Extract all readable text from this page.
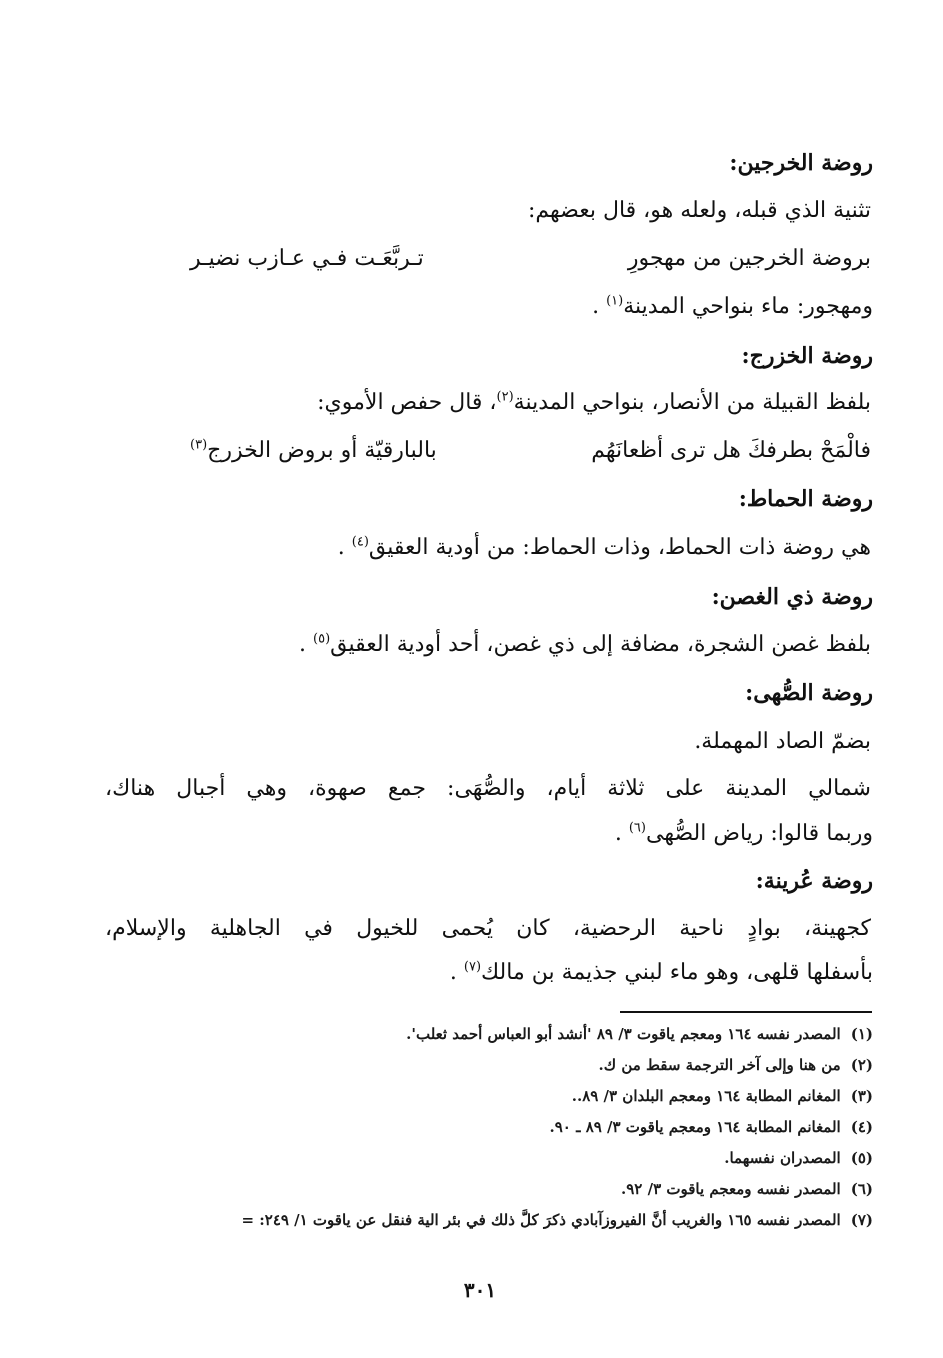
روضة الخرجين:
تثنية الذي قبله، ولعله هو، قال بعضهم:
بروضة الخرجين من مهجورِ
تـربَّعَـت فـي عـازب نضيـر
ومهجور: ماء بنواحي المدينة$^{(١)}$ .
روضة الخزرج:
بلفظ القبيلة من الأنصار، بنواحي المدينة$^{(٢)}$، قال حفص الأموي:
فالْمَحْ بطرفكَ هل ترى أظعانَهُم
بالبارقيّة أو بروض الخزرج$^{(٣)}$
روضة الحماط:
هي روضة ذات الحماط، وذات الحماط: من أودية العقيق$^{(٤)}$ .
روضة ذي الغصن:
بلفظ غصن الشجرة، مضافة إلى ذي غصن، أحد أودية العقيق$^{(٥)}$ .
روضة الصُّهى:
بضمّ الصاد المهملة.
شمالي المدينة على ثلاثة أيام، والصُّهَى: جمع صهوة، وهي أجبال هناك،
وربما قالوا: رياض الصُّهى$^{(٦)}$ .
روضة عُرينة:
كجهينة، بوادٍ ناحية الرحضية، كان يُحمى للخيول في الجاهلية والإسلام،
بأسفلها قلهى، وهو ماء لبني جذيمة بن مالك$^{(٧)}$ .
(١)
المصدر نفسه ١٦٤ ومعجم ياقوت ٣/ ٨٩ 'أنشد أبو العباس أحمد ثعلب'.
(٢)
من هنا وإلى آخر الترجمة سقط من ك.
(٣)
المغانم المطابة ١٦٤ ومعجم البلدان ٣/ ٨٩..
(٤)
المغانم المطابة ١٦٤ ومعجم ياقوت ٣/ ٨٩ ـ ٩٠.
(٥)
المصدران نفسهما.
(٦)
المصدر نفسه ومعجم ياقوت ٣/ ٩٢.
(٧)
المصدر نفسه ١٦٥ والغريب أنَّ الفيروزآبادي ذكرَ كلَّ ذلك في بئر الية فنقل عن ياقوت ١/ ٢٤٩: =
٣٠١
